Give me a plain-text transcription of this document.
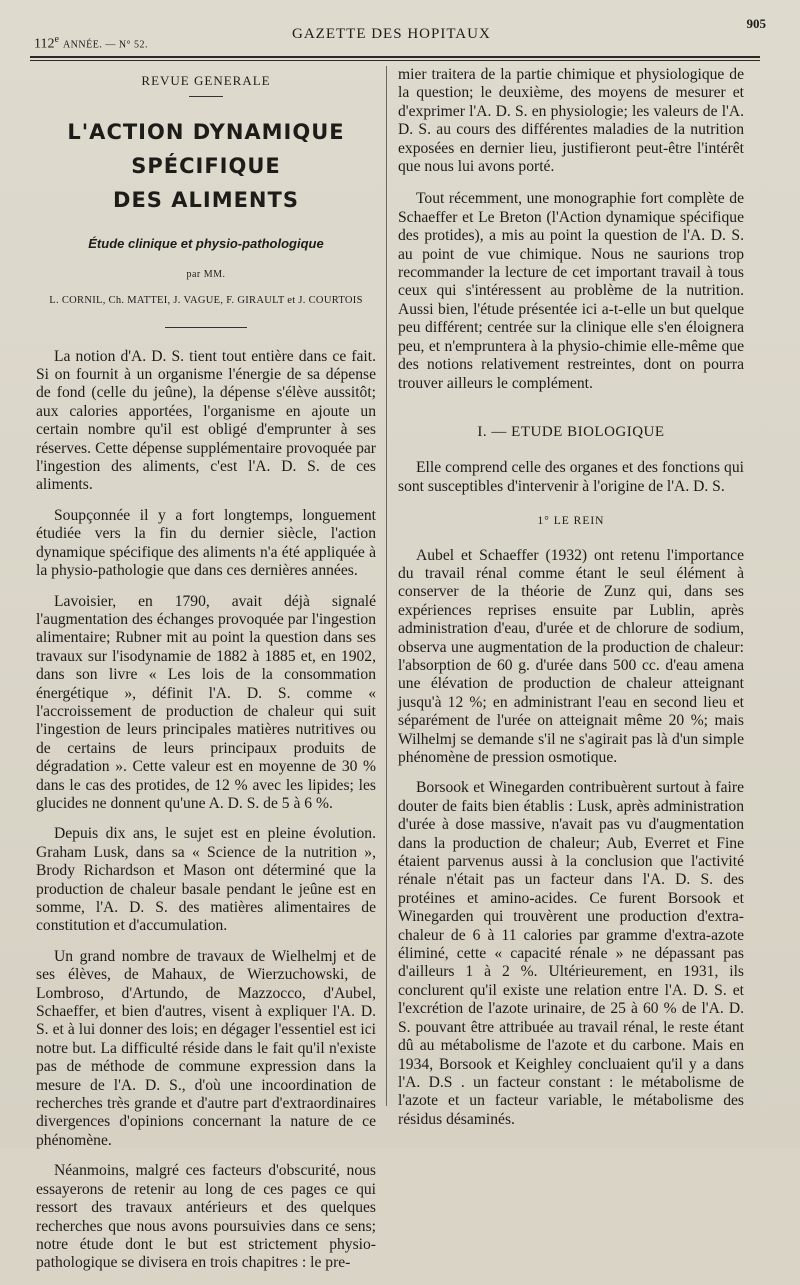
112e ANNÉE. — N° 52.
GAZETTE DES HOPITAUX
905
REVUE GENERALE
L'ACTION DYNAMIQUE SPÉCIFIQUE
DES ALIMENTS
Étude clinique et physio-pathologique
par MM.
L. CORNIL, Ch. MATTEI, J. VAGUE, F. GIRAULT et J. COURTOIS

La notion d'A. D. S. tient tout entière dans ce fait. Si on fournit à un organisme l'énergie de sa dépense de fond (celle du jeûne), la dépense s'élève aussitôt; aux calories apportées, l'organisme en ajoute un certain nombre qu'il est obligé d'emprunter à ses réserves. Cette dépense supplémentaire provoquée par l'ingestion des aliments, c'est l'A. D. S. de ces aliments.

Soupçonnée il y a fort longtemps, longuement étudiée vers la fin du dernier siècle, l'action dynamique spécifique des aliments n'a été appliquée à la physio-pathologie que dans ces dernières années.

Lavoisier, en 1790, avait déjà signalé l'augmentation des échanges provoquée par l'ingestion alimentaire; Rubner mit au point la question dans ses travaux sur l'isodynamie de 1882 à 1885 et, en 1902, dans son livre « Les lois de la consommation énergétique », définit l'A. D. S. comme « l'accroissement de production de chaleur qui suit l'ingestion de leurs principales matières nutritives ou de certains de leurs principaux produits de dégradation ». Cette valeur est en moyenne de 30 % dans le cas des protides, de 12 % avec les lipides; les glucides ne donnent qu'une A. D. S. de 5 à 6 %.

Depuis dix ans, le sujet est en pleine évolution. Graham Lusk, dans sa « Science de la nutrition », Brody Richardson et Mason ont déterminé que la production de chaleur basale pendant le jeûne est en somme, l'A. D. S. des matières alimentaires de constitution et d'accumulation.

Un grand nombre de travaux de Wielhelmj et de ses élèves, de Mahaux, de Wierzuchowski, de Lombroso, d'Artundo, de Mazzocco, d'Aubel, Schaeffer, et bien d'autres, visent à expliquer l'A. D. S. et à lui donner des lois; en dégager l'essentiel est ici notre but. La difficulté réside dans le fait qu'il n'existe pas de méthode de commune expression dans la mesure de l'A. D. S., d'où une incoordination de recherches très grande et d'autre part d'extraordinaires divergences d'opinions concernant la nature de ce phénomène.

Néanmoins, malgré ces facteurs d'obscurité, nous essayerons de retenir au long de ces pages ce qui ressort des travaux antérieurs et des quelques recherches que nous avons poursuivies dans ce sens; notre étude dont le but est strictement physio-pathologique se divisera en trois chapitres : le pre-

mier traitera de la partie chimique et physiologique de la question; le deuxième, des moyens de mesurer et d'exprimer l'A. D. S. en physiologie; les valeurs de l'A. D. S. au cours des différentes maladies de la nutrition exposées en dernier lieu, justifieront peut-être l'intérêt que nous lui avons porté.

Tout récemment, une monographie fort complète de Schaeffer et Le Breton (l'Action dynamique spécifique des protides), a mis au point la question de l'A. D. S. au point de vue chimique. Nous ne saurions trop recommander la lecture de cet important travail à tous ceux qui s'intéressent au problème de la nutrition. Aussi bien, l'étude présentée ici a-t-elle un but quelque peu différent; centrée sur la clinique elle s'en éloignera peu, et n'empruntera à la physio-chimie elle-même que des notions relativement restreintes, dont on pourra trouver ailleurs le complément.

I. — ETUDE BIOLOGIQUE

Elle comprend celle des organes et des fonctions qui sont susceptibles d'intervenir à l'origine de l'A. D. S.

1° LE REIN

Aubel et Schaeffer (1932) ont retenu l'importance du travail rénal comme étant le seul élément à conserver de la théorie de Zunz qui, dans ses expériences reprises ensuite par Lublin, après administration d'eau, d'urée et de chlorure de sodium, observa une augmentation de la production de chaleur: l'absorption de 60 g. d'urée dans 500 cc. d'eau amena une élévation de production de chaleur atteignant jusqu'à 12 %; en administrant l'eau en second lieu et séparément de l'urée on atteignait même 20 %; mais Wilhelmj se demande s'il ne s'agirait pas là d'un simple phénomène de pression osmotique.

Borsook et Winegarden contribuèrent surtout à faire douter de faits bien établis : Lusk, après administration d'urée à dose massive, n'avait pas vu d'augmentation dans la production de chaleur; Aub, Everret et Fine étaient parvenus aussi à la conclusion que l'activité rénale n'était pas un facteur dans l'A. D. S. des protéines et amino-acides. Ce furent Borsook et Winegarden qui trouvèrent une production d'extra-chaleur de 6 à 11 calories par gramme d'extra-azote éliminé, cette « capacité rénale » ne dépassant pas d'ailleurs 1 à 2 %. Ultérieurement, en 1931, ils conclurent qu'il existe une relation entre l'A. D. S. et l'excrétion de l'azote urinaire, de 25 à 60 % de l'A. D. S. pouvant être attribuée au travail rénal, le reste étant dû au métabolisme de l'azote et du carbone. Mais en 1934, Borsook et Keighley concluaient qu'il y a dans l'A. D.S . un facteur constant : le métabolisme de l'azote et un facteur variable, le métabolisme des résidus désaminés.
